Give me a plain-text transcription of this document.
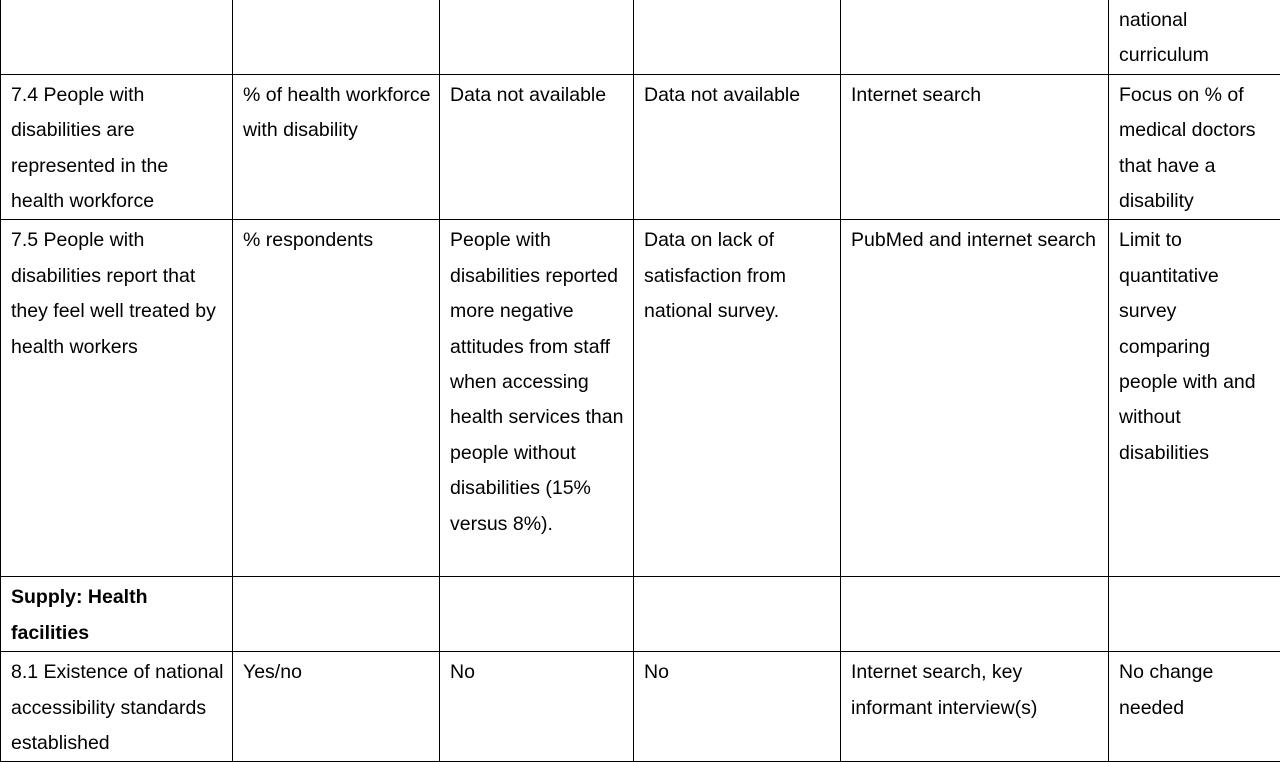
					national curriculum
7.4 People with disabilities are represented in the health workforce	% of health workforce with disability	Data not available	Data not available	Internet search	Focus on % of medical doctors that have a disability
7.5 People with disabilities report that they feel well treated by health workers	% respondents	People with disabilities reported more negative attitudes from staff when accessing health services than people without disabilities (15% versus 8%).	Data on lack of satisfaction from national survey.	PubMed and internet search	Limit to quantitative survey comparing people with and without disabilities
Supply: Health facilities					
8.1 Existence of national accessibility standards established	Yes/no	No	No	Internet search, key informant interview(s)	No change needed
